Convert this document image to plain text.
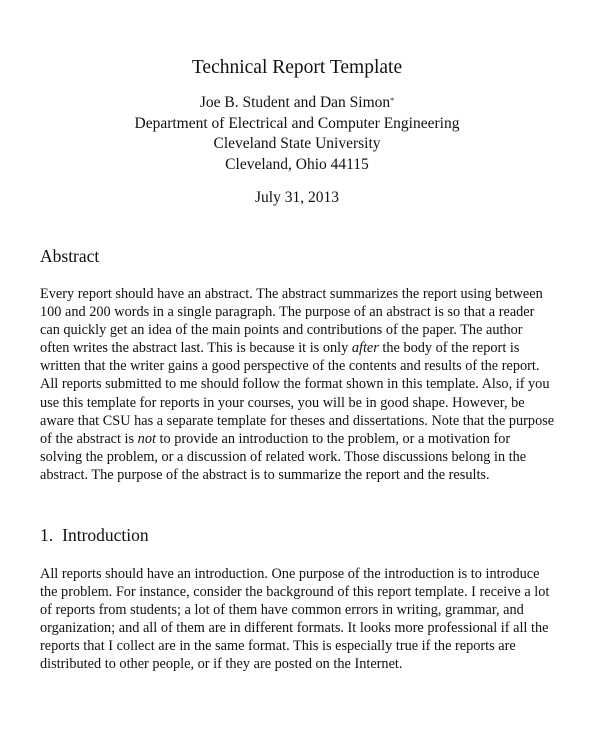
Technical Report Template
Joe B. Student and Dan Simon*
Department of Electrical and Computer Engineering
Cleveland State University
Cleveland, Ohio 44115
July 31, 2013
Abstract

Every report should have an abstract. The abstract summarizes the report using between
100 and 200 words in a single paragraph. The purpose of an abstract is so that a reader
can quickly get an idea of the main points and contributions of the paper. The author
often writes the abstract last. This is because it is only after the body of the report is
written that the writer gains a good perspective of the contents and results of the report.
All reports submitted to me should follow the format shown in this template. Also, if you
use this template for reports in your courses, you will be in good shape. However, be
aware that CSU has a separate template for theses and dissertations. Note that the purpose
of the abstract is not to provide an introduction to the problem, or a motivation for
solving the problem, or a discussion of related work. Those discussions belong in the
abstract. The purpose of the abstract is to summarize the report and the results.

1. Introduction

All reports should have an introduction. One purpose of the introduction is to introduce
the problem. For instance, consider the background of this report template. I receive a lot
of reports from students; a lot of them have common errors in writing, grammar, and
organization; and all of them are in different formats. It looks more professional if all the
reports that I collect are in the same format. This is especially true if the reports are
distributed to other people, or if they are posted on the Internet.
